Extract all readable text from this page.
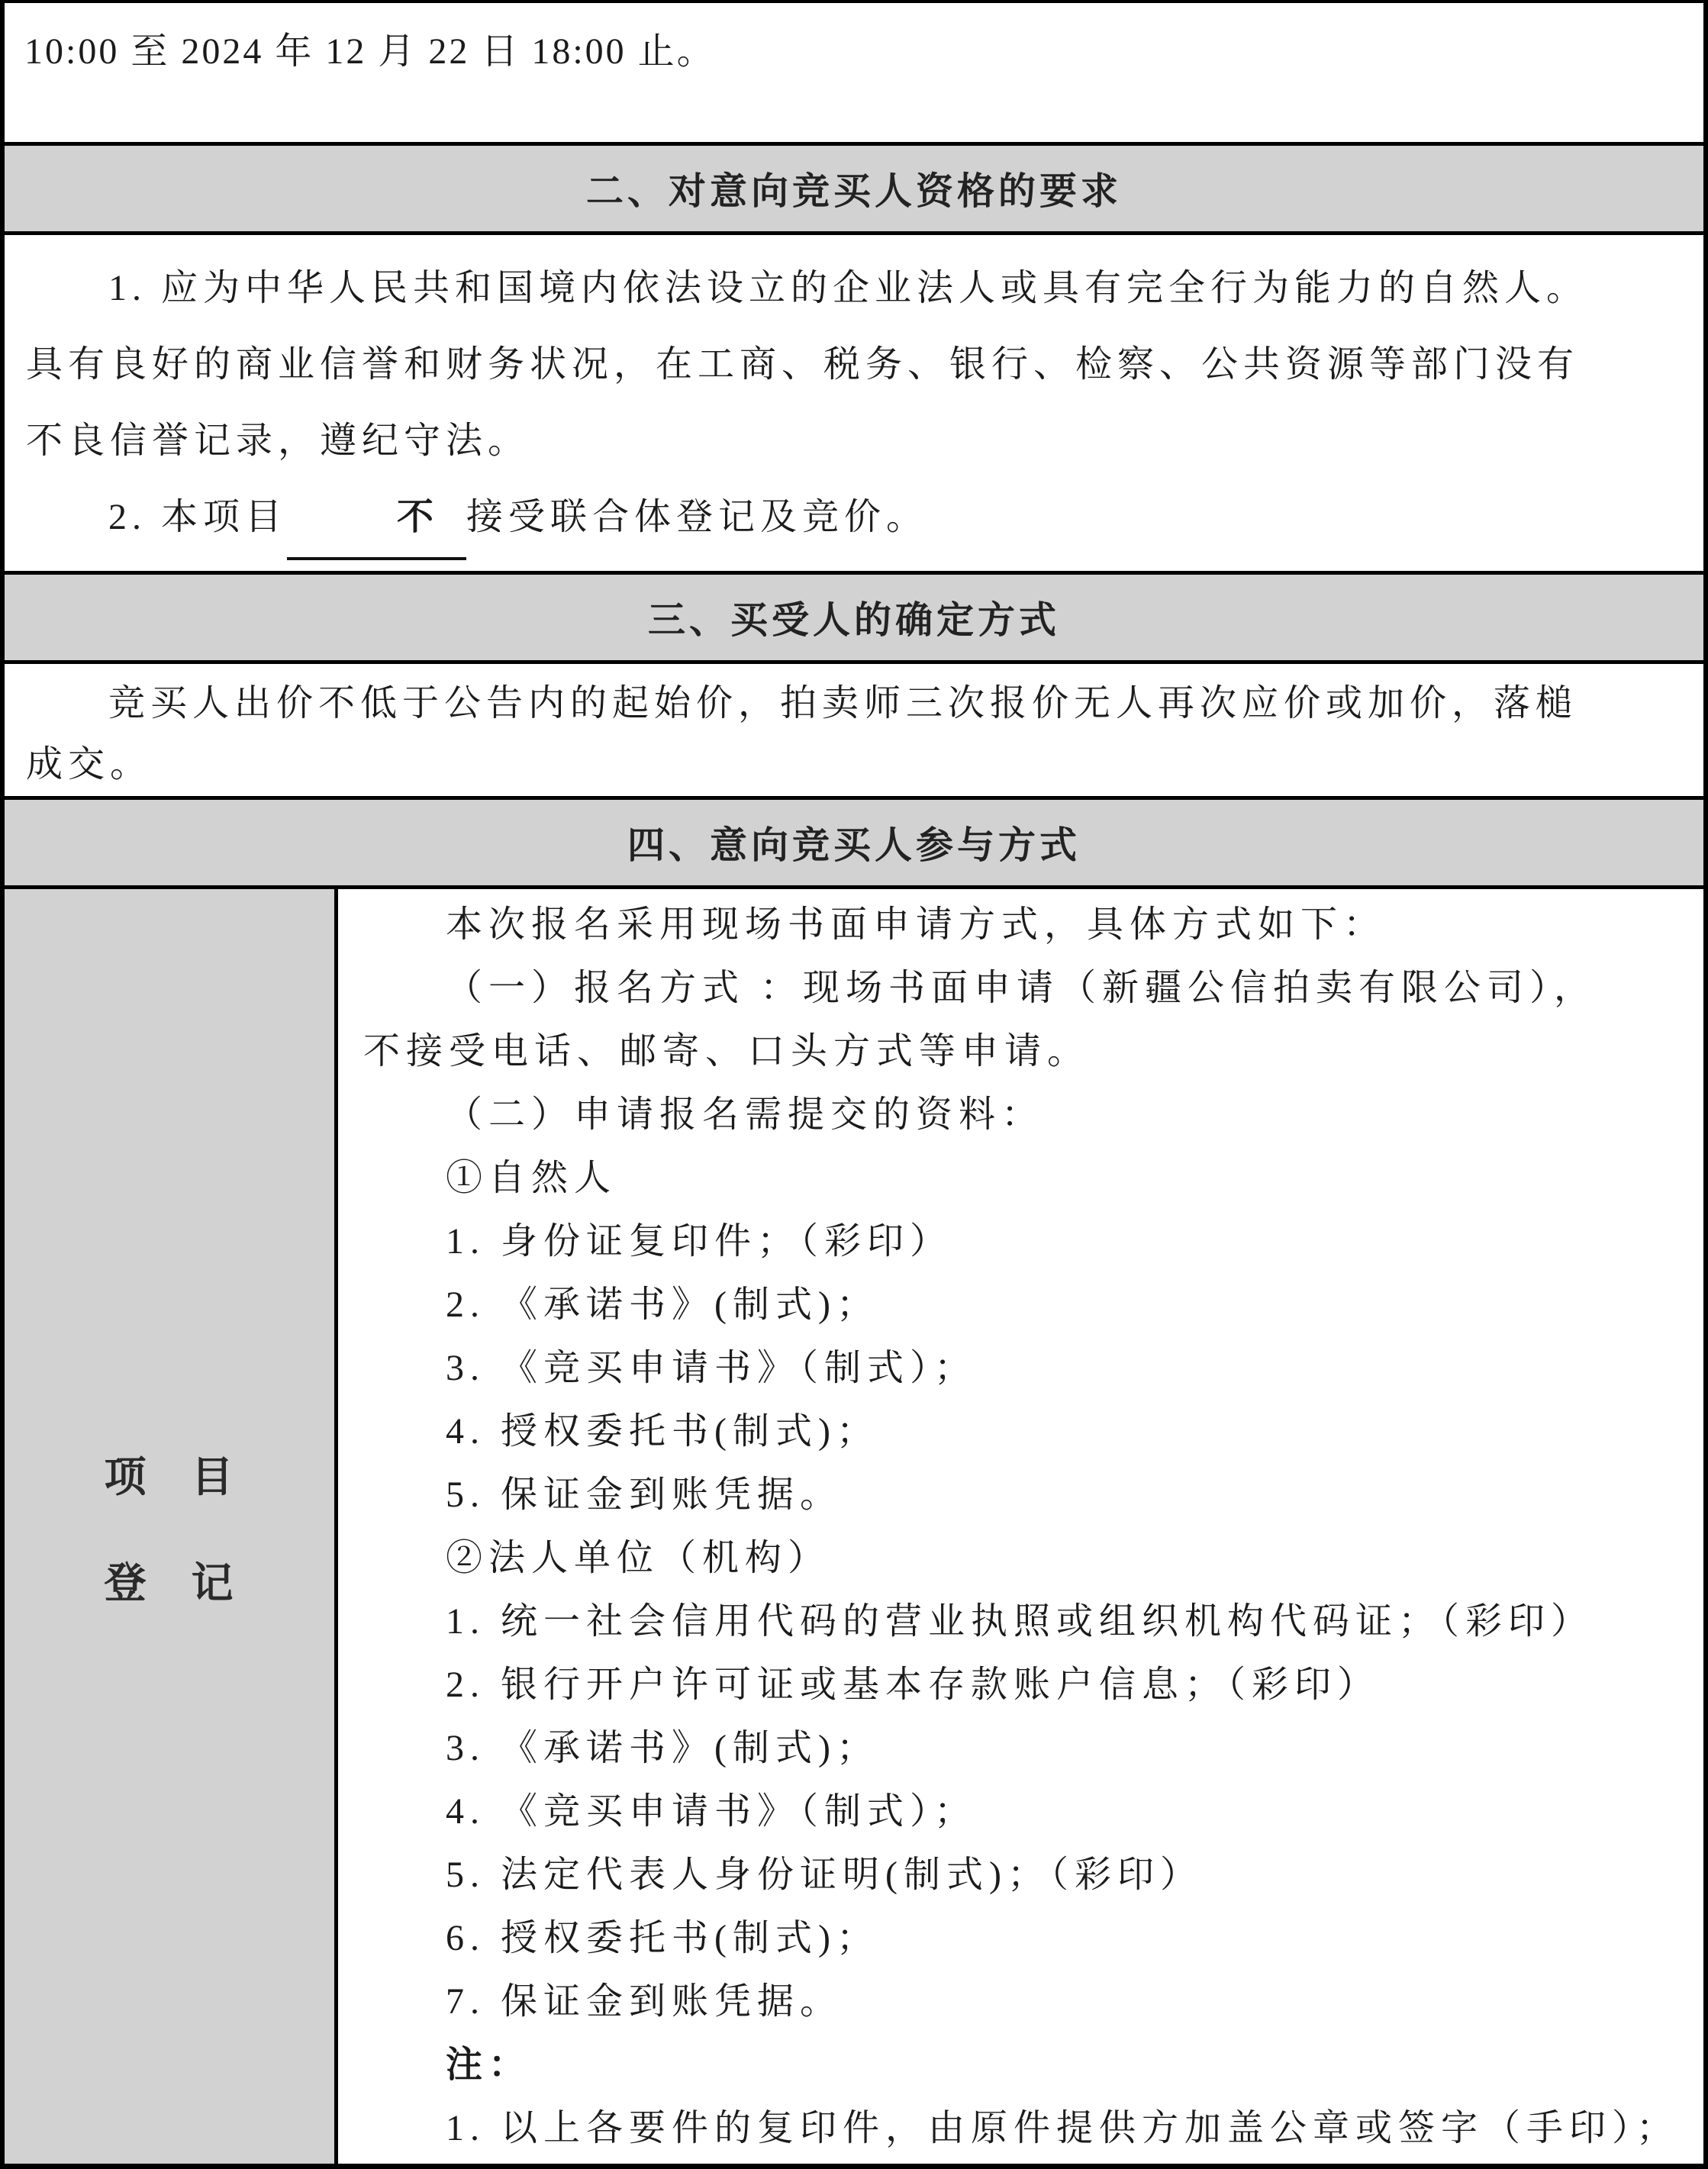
10:00 至 2024 年 12 月 22 日 18:00 止。
二、对意向竞买人资格的要求
1. 应为中华人民共和国境内依法设立的企业法人或具有完全行为能力的自然人。
具有良好的商业信誉和财务状况，在工商、税务、银行、检察、公共资源等部门没有
不良信誉记录，遵纪守法。
2. 本项目	不 接受联合体登记及竞价。
三、买受人的确定方式
竞买人出价不低于公告内的起始价，拍卖师三次报价无人再次应价或加价，落槌
成交。
四、意向竞买人参与方式
项　目
登　记
本次报名采用现场书面申请方式，具体方式如下：
（一）报名方式 ：现场书面申请（新疆公信拍卖有限公司），
不接受电话、邮寄、口头方式等申请。
（二）申请报名需提交的资料：
①自然人
1. 身份证复印件；（彩印）
2. 《承诺书》(制式)；
3. 《竞买申请书》（制式）；
4. 授权委托书(制式)；
5. 保证金到账凭据。
②法人单位（机构）
1. 统一社会信用代码的营业执照或组织机构代码证；（彩印）
2. 银行开户许可证或基本存款账户信息；（彩印）
3. 《承诺书》(制式)；
4. 《竞买申请书》（制式）；
5. 法定代表人身份证明(制式)；（彩印）
6. 授权委托书(制式)；
7. 保证金到账凭据。
注：
1. 以上各要件的复印件，由原件提供方加盖公章或签字（手印）；
